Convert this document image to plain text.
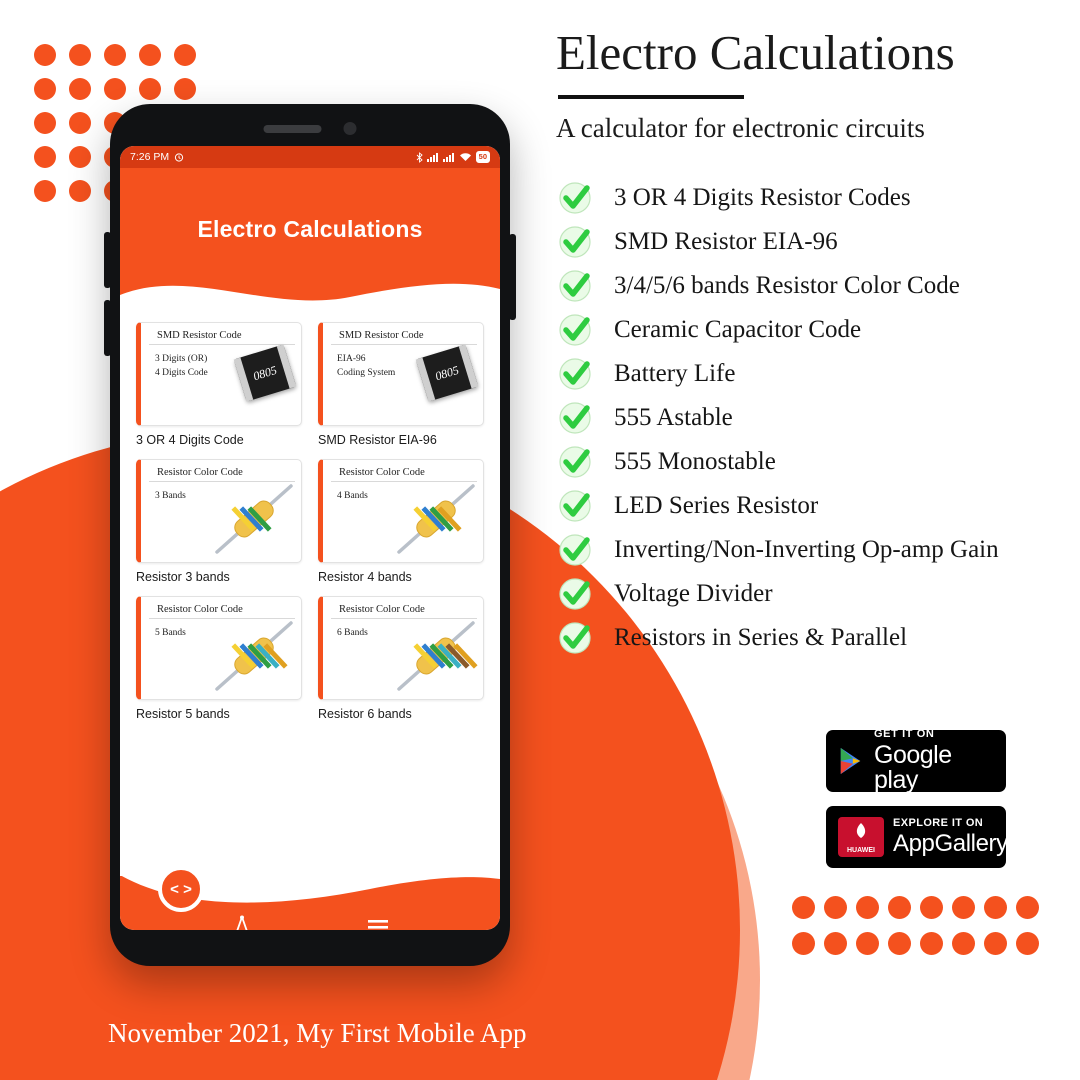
Electro Calculations
A calculator for electronic circuits
3 OR 4 Digits Resistor Codes
SMD Resistor EIA-96
3/4/5/6 bands Resistor Color Code
Ceramic Capacitor Code
Battery Life
555 Astable
555 Monostable
LED Series Resistor
Inverting/Non-Inverting Op-amp Gain
Voltage Divider
Resistors in Series & Parallel
GET IT ON
Google play
HUAWEI
EXPLORE IT ON
AppGallery
November 2021, My First Mobile App
7:26 PM	50
Electro Calculations
SMD Resistor Code
3 Digits (OR)
4 Digits Code	0805
3 OR 4 Digits Code
SMD Resistor Code
EIA-96
Coding System	0805
SMD Resistor EIA-96
Resistor Color Code
3 Bands
Resistor 3 bands
Resistor Color Code
4 Bands
Resistor 4 bands
Resistor Color Code
5 Bands
Resistor 5 bands
Resistor Color Code
6 Bands
Resistor 6 bands
< >
